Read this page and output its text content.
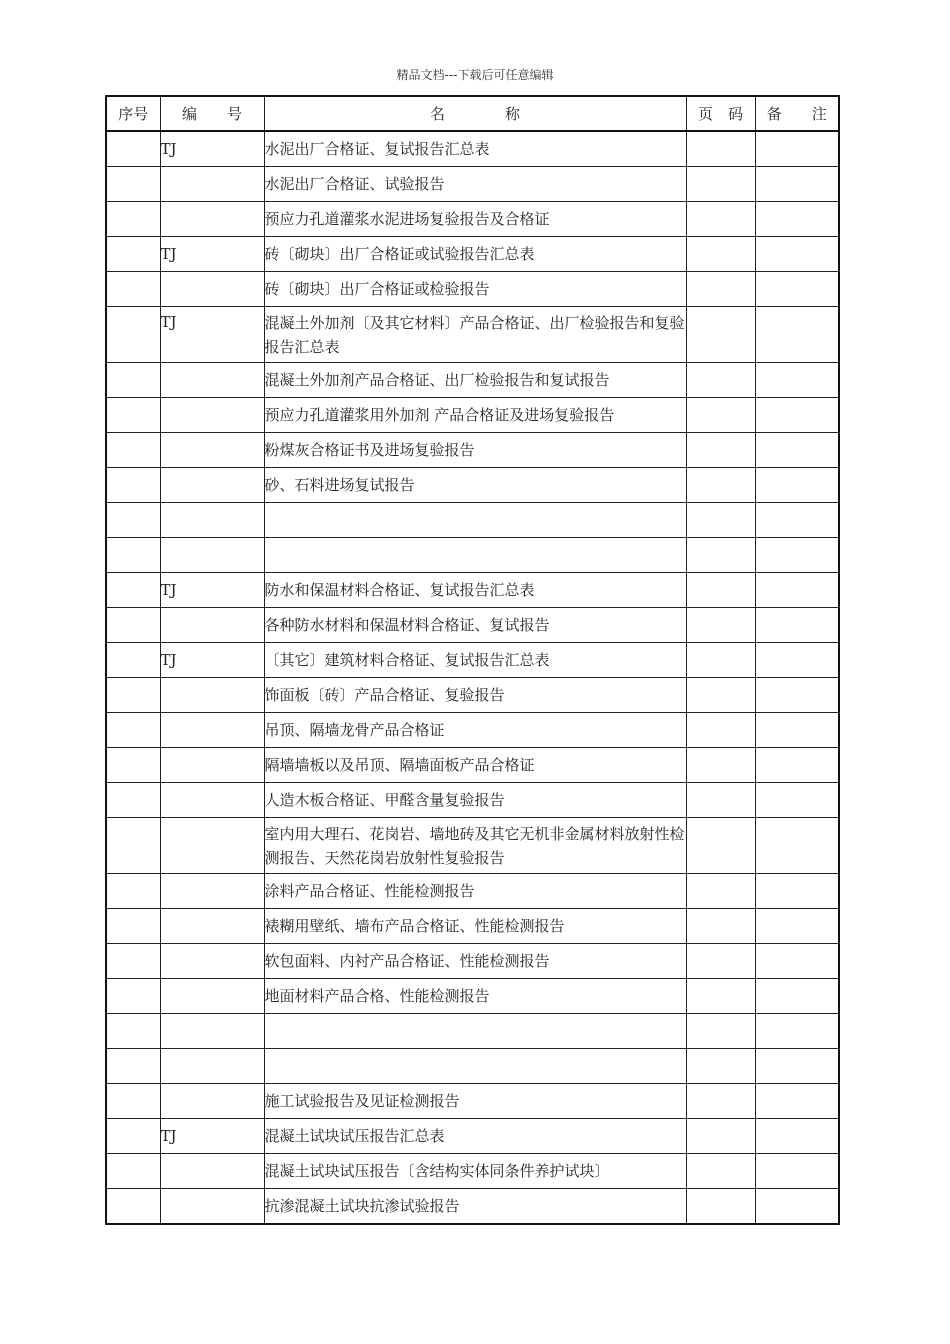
精品文档---下载后可任意编辑
序号	编　　号	名　　　　称	页　码	备　　注
	TJ	水泥出厂合格证、复试报告汇总表		
		水泥出厂合格证、试验报告		
		预应力孔道灌浆水泥进场复验报告及合格证		
	TJ	砖〔砌块〕出厂合格证或试验报告汇总表		
		砖〔砌块〕出厂合格证或检验报告		
	TJ	混凝土外加剂〔及其它材料〕产品合格证、出厂检验报告和复验报告汇总表		
		混凝土外加剂产品合格证、出厂检验报告和复试报告		
		预应力孔道灌浆用外加剂 产品合格证及进场复验报告		
		粉煤灰合格证书及进场复验报告		
		砂、石料进场复试报告		

	TJ	防水和保温材料合格证、复试报告汇总表		
		各种防水材料和保温材料合格证、复试报告		
	TJ	〔其它〕建筑材料合格证、复试报告汇总表		
		饰面板〔砖〕产品合格证、复验报告		
		吊顶、隔墙龙骨产品合格证		
		隔墙墙板以及吊顶、隔墙面板产品合格证		
		人造木板合格证、甲醛含量复验报告		
		室内用大理石、花岗岩、墙地砖及其它无机非金属材料放射性检测报告、天然花岗岩放射性复验报告		
		涂料产品合格证、性能检测报告		
		裱糊用壁纸、墙布产品合格证、性能检测报告		
		软包面料、内衬产品合格证、性能检测报告		
		地面材料产品合格、性能检测报告		

		施工试验报告及见证检测报告		
	TJ	混凝土试块试压报告汇总表		
		混凝土试块试压报告〔含结构实体同条件养护试块〕		
		抗渗混凝土试块抗渗试验报告		
